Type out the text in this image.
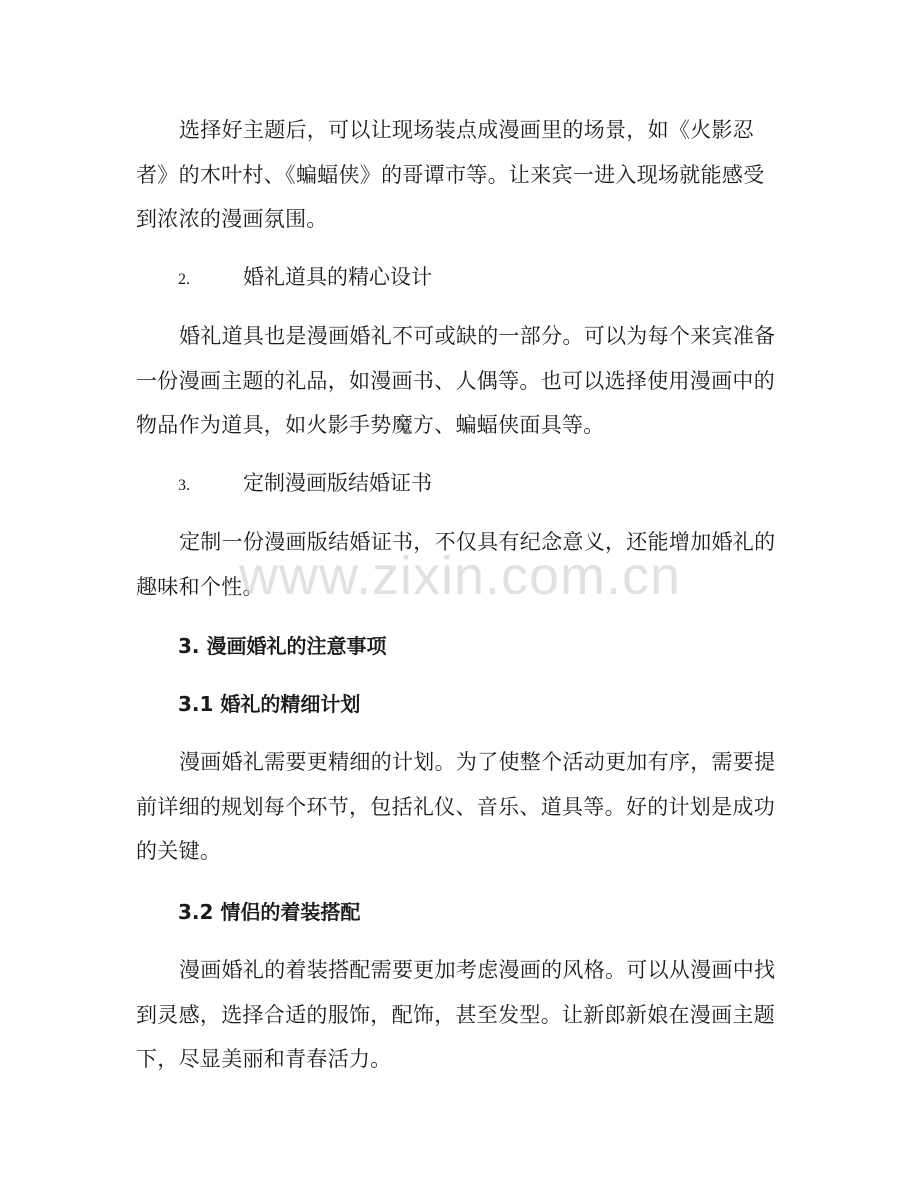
选择好主题后，可以让现场装点成漫画里的场景，如《火影忍者》的木叶村、《蝙蝠侠》的哥谭市等。让来宾一进入现场就能感受到浓浓的漫画氛围。

2.	婚礼道具的精心设计

婚礼道具也是漫画婚礼不可或缺的一部分。可以为每个来宾准备一份漫画主题的礼品，如漫画书、人偶等。也可以选择使用漫画中的物品作为道具，如火影手势魔方、蝙蝠侠面具等。

3.	定制漫画版结婚证书

定制一份漫画版结婚证书，不仅具有纪念意义，还能增加婚礼的趣味和个性。

3. 漫画婚礼的注意事项

3.1 婚礼的精细计划

漫画婚礼需要更精细的计划。为了使整个活动更加有序，需要提前详细的规划每个环节，包括礼仪、音乐、道具等。好的计划是成功的关键。

3.2 情侣的着装搭配

漫画婚礼的着装搭配需要更加考虑漫画的风格。可以从漫画中找到灵感，选择合适的服饰，配饰，甚至发型。让新郎新娘在漫画主题下，尽显美丽和青春活力。

www.zixin.com.cn
